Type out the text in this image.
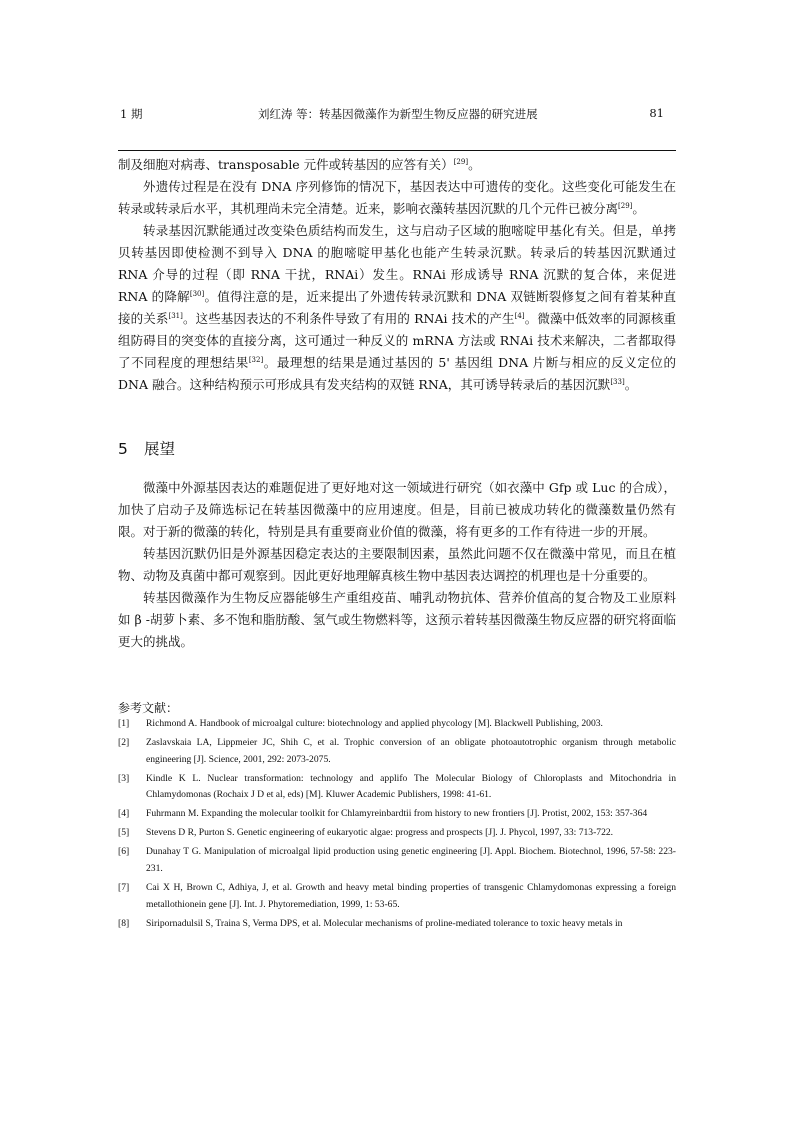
1 期	刘红涛 等：转基因微藻作为新型生物反应器的研究进展	81

制及细胞对病毒、transposable 元件或转基因的应答有关）[29]。

外遗传过程是在没有 DNA 序列修饰的情况下，基因表达中可遗传的变化。这些变化可能发生在转录或转录后水平，其机理尚未完全清楚。近来，影响衣藻转基因沉默的几个元件已被分离[29]。

转录基因沉默能通过改变染色质结构而发生，这与启动子区域的胞嘧啶甲基化有关。但是，单拷贝转基因即使检测不到导入 DNA 的胞嘧啶甲基化也能产生转录沉默。转录后的转基因沉默通过 RNA 介导的过程（即 RNA 干扰，RNAi）发生。RNAi 形成诱导 RNA 沉默的复合体，来促进 RNA 的降解[30]。值得注意的是，近来提出了外遗传转录沉默和 DNA 双链断裂修复之间有着某种直接的关系[31]。这些基因表达的不利条件导致了有用的 RNAi 技术的产生[4]。微藻中低效率的同源核重组防碍目的突变体的直接分离，这可通过一种反义的 mRNA 方法或 RNAi 技术来解决，二者都取得了不同程度的理想结果[32]。最理想的结果是通过基因的 5' 基因组 DNA 片断与相应的反义定位的 DNA 融合。这种结构预示可形成具有发夹结构的双链 RNA，其可诱导转录后的基因沉默[33]。

5 展望

微藻中外源基因表达的难题促进了更好地对这一领域进行研究（如衣藻中 Gfp 或 Luc 的合成），加快了启动子及筛选标记在转基因微藻中的应用速度。但是，目前已被成功转化的微藻数量仍然有限。对于新的微藻的转化，特别是具有重要商业价值的微藻，将有更多的工作有待进一步的开展。

转基因沉默仍旧是外源基因稳定表达的主要限制因素，虽然此问题不仅在微藻中常见，而且在植物、动物及真菌中都可观察到。因此更好地理解真核生物中基因表达调控的机理也是十分重要的。

转基因微藻作为生物反应器能够生产重组疫苗、哺乳动物抗体、营养价值高的复合物及工业原料如 β -胡萝卜素、多不饱和脂肪酸、氢气或生物燃料等，这预示着转基因微藻生物反应器的研究将面临更大的挑战。

参考文献：
[1] Richmond A. Handbook of microalgal culture: biotechnology and applied phycology [M]. Blackwell Publishing, 2003.
[2] Zaslavskaia LA, Lippmeier JC, Shih C, et al. Trophic conversion of an obligate photoautotrophic organism through metabolic engineering [J]. Science, 2001, 292: 2073-2075.
[3] Kindle K L. Nuclear transformation: technology and applifo The Molecular Biology of Chloroplasts and Mitochondria in Chlamydomonas (Rochaix J D et al, eds) [M]. Kluwer Academic Publishers, 1998: 41-61.
[4] Fuhrmann M. Expanding the molecular toolkit for Chlamyreinbardtii from history to new frontiers [J]. Protist, 2002, 153: 357-364
[5] Stevens D R, Purton S. Genetic engineering of eukaryotic algae: progress and prospects [J]. J. Phycol, 1997, 33: 713-722.
[6] Dunahay T G. Manipulation of microalgal lipid production using genetic engineering [J]. Appl. Biochem. Biotechnol, 1996, 57-58: 223-231.
[7] Cai X H, Brown C, Adhiya, J, et al. Growth and heavy metal binding properties of transgenic Chlamydomonas expressing a foreign metallothionein gene [J]. Int. J. Phytoremediation, 1999, 1: 53-65.
[8] Siripornadulsil S, Traina S, Verma DPS, et al. Molecular mechanisms of proline-mediated tolerance to toxic heavy metals in
